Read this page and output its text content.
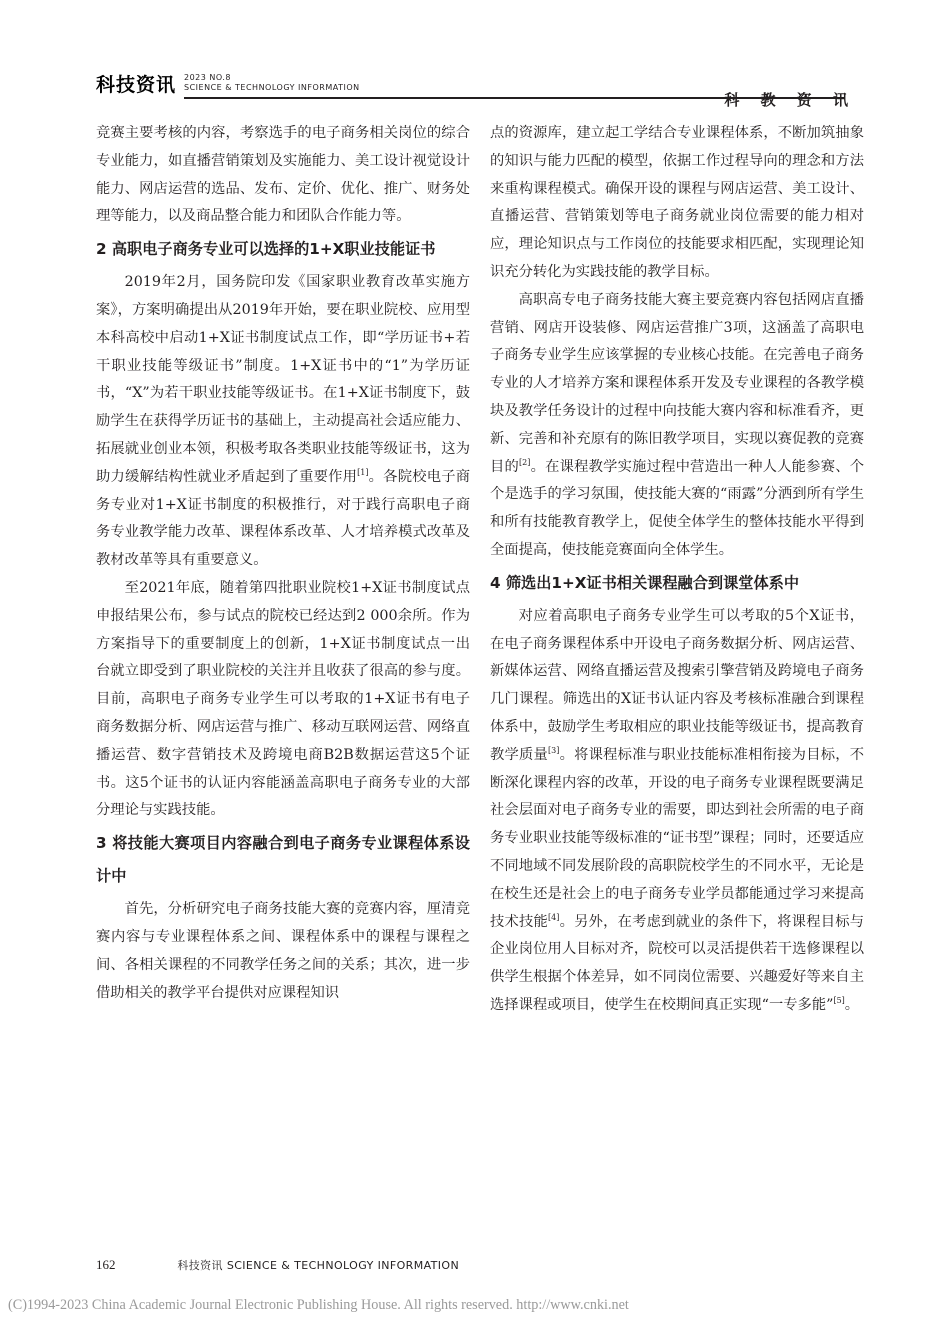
科技资讯 2023 NO.8
SCIENCE & TECHNOLOGY INFORMATION
科 教 资 讯

竞赛主要考核的内容，考察选手的电子商务相关岗位的综合专业能力，如直播营销策划及实施能力、美工设计视觉设计能力、网店运营的选品、发布、定价、优化、推广、财务处理等能力，以及商品整合能力和团队合作能力等。

2 高职电子商务专业可以选择的1+X职业技能证书

2019年2月，国务院印发《国家职业教育改革实施方案》，方案明确提出从2019年开始，要在职业院校、应用型本科高校中启动1+X证书制度试点工作，即“学历证书+若干职业技能等级证书”制度。1+X证书中的“1”为学历证书，“X”为若干职业技能等级证书。在1+X证书制度下，鼓励学生在获得学历证书的基础上，主动提高社会适应能力、拓展就业创业本领，积极考取各类职业技能等级证书，这为助力缓解结构性就业矛盾起到了重要作用[1]。各院校电子商务专业对1+X证书制度的积极推行，对于践行高职电子商务专业教学能力改革、课程体系改革、人才培养模式改革及教材改革等具有重要意义。

至2021年底，随着第四批职业院校1+X证书制度试点申报结果公布，参与试点的院校已经达到2 000余所。作为方案指导下的重要制度上的创新，1+X证书制度试点一出台就立即受到了职业院校的关注并且收获了很高的参与度。目前，高职电子商务专业学生可以考取的1+X证书有电子商务数据分析、网店运营与推广、移动互联网运营、网络直播运营、数字营销技术及跨境电商B2B数据运营这5个证书。这5个证书的认证内容能涵盖高职电子商务专业的大部分理论与实践技能。

3 将技能大赛项目内容融合到电子商务专业课程体系设计中

首先，分析研究电子商务技能大赛的竞赛内容，厘清竞赛内容与专业课程体系之间、课程体系中的课程与课程之间、各相关课程的不同教学任务之间的关系；其次，进一步借助相关的教学平台提供对应课程知识

点的资源库，建立起工学结合专业课程体系，不断加筑抽象的知识与能力匹配的模型，依据工作过程导向的理念和方法来重构课程模式。确保开设的课程与网店运营、美工设计、直播运营、营销策划等电子商务就业岗位需要的能力相对应，理论知识点与工作岗位的技能要求相匹配，实现理论知识充分转化为实践技能的教学目标。

高职高专电子商务技能大赛主要竞赛内容包括网店直播营销、网店开设装修、网店运营推广3项，这涵盖了高职电子商务专业学生应该掌握的专业核心技能。在完善电子商务专业的人才培养方案和课程体系开发及专业课程的各教学模块及教学任务设计的过程中向技能大赛内容和标准看齐，更新、完善和补充原有的陈旧教学项目，实现以赛促教的竞赛目的[2]。在课程教学实施过程中营造出一种人人能参赛、个个是选手的学习氛围，使技能大赛的“雨露”分洒到所有学生和所有技能教育教学上，促使全体学生的整体技能水平得到全面提高，使技能竞赛面向全体学生。

4 筛选出1+X证书相关课程融合到课堂体系中

对应着高职电子商务专业学生可以考取的5个X证书，在电子商务课程体系中开设电子商务数据分析、网店运营、新媒体运营、网络直播运营及搜索引擎营销及跨境电子商务几门课程。筛选出的X证书认证内容及考核标准融合到课程体系中，鼓励学生考取相应的职业技能等级证书，提高教育教学质量[3]。将课程标准与职业技能标准相衔接为目标，不断深化课程内容的改革，开设的电子商务专业课程既要满足社会层面对电子商务专业的需要，即达到社会所需的电子商务专业职业技能等级标准的“证书型”课程；同时，还要适应不同地域不同发展阶段的高职院校学生的不同水平，无论是在校生还是社会上的电子商务专业学员都能通过学习来提高技术技能[4]。另外，在考虑到就业的条件下，将课程目标与企业岗位用人目标对齐，院校可以灵活提供若干选修课程以供学生根据个体差异，如不同岗位需要、兴趣爱好等来自主选择课程或项目，使学生在校期间真正实现“一专多能”[5]。

162	科技资讯 SCIENCE & TECHNOLOGY INFORMATION
(C)1994-2023 China Academic Journal Electronic Publishing House. All rights reserved. http://www.cnki.net
